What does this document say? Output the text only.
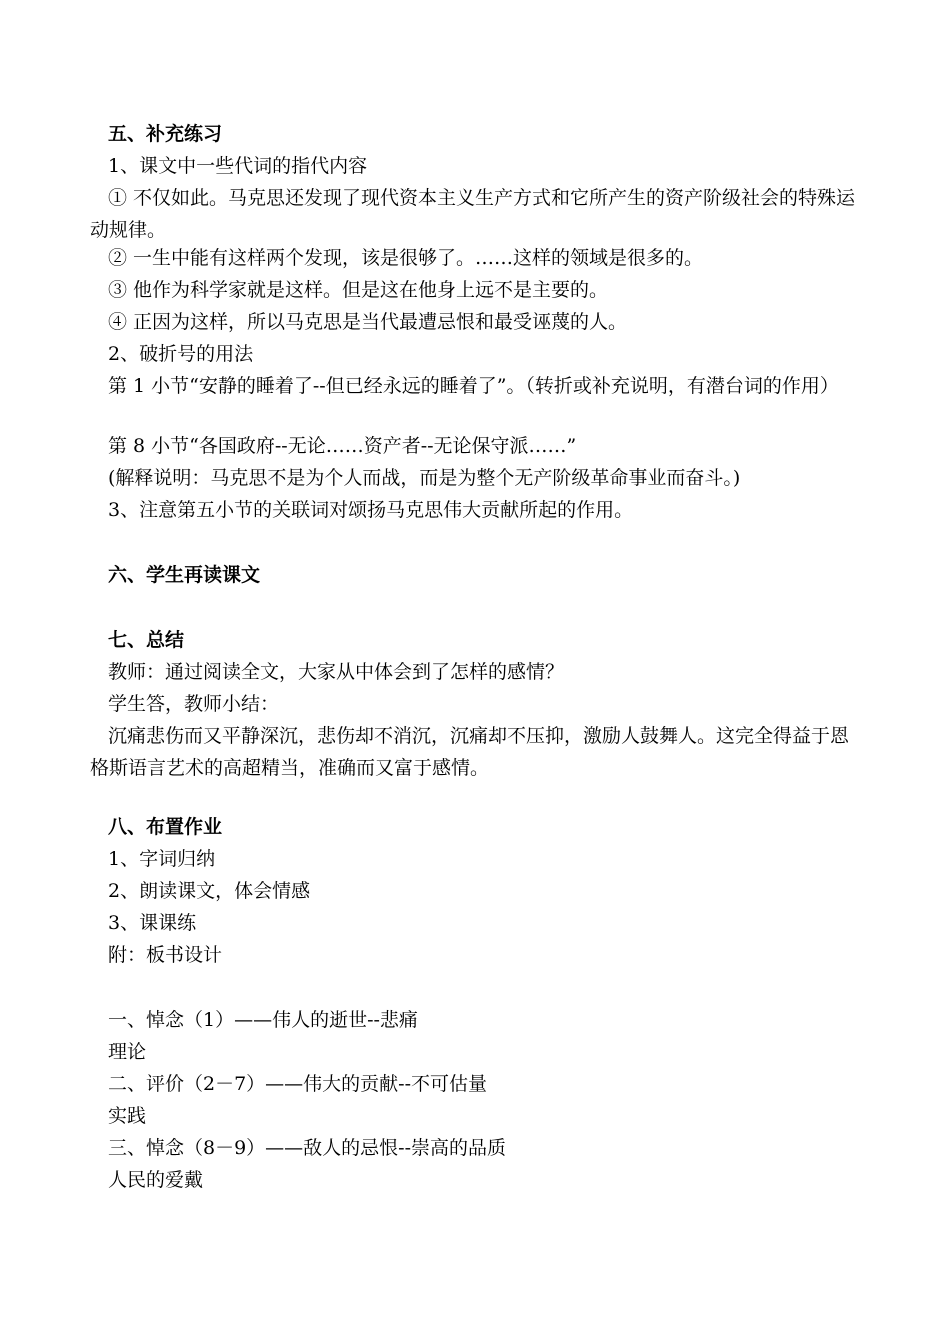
五、补充练习
1、课文中一些代词的指代内容
① 不仅如此。马克思还发现了现代资本主义生产方式和它所产生的资产阶级社会的特殊运动规律。
② 一生中能有这样两个发现，该是很够了。……这样的领域是很多的。
③ 他作为科学家就是这样。但是这在他身上远不是主要的。
④ 正因为这样，所以马克思是当代最遭忌恨和最受诬蔑的人。
2、破折号的用法
第 1 小节“安静的睡着了--但已经永远的睡着了”。（转折或补充说明，有潜台词的作用）
第 8 小节“各国政府--无论……资产者--无论保守派……”
(解释说明：马克思不是为个人而战，而是为整个无产阶级革命事业而奋斗。)
3、注意第五小节的关联词对颂扬马克思伟大贡献所起的作用。
六、学生再读课文
七、总结
教师：通过阅读全文，大家从中体会到了怎样的感情？
学生答，教师小结：
沉痛悲伤而又平静深沉，悲伤却不消沉，沉痛却不压抑，激励人鼓舞人。这完全得益于恩格斯语言艺术的高超精当，准确而又富于感情。
八、布置作业
1、字词归纳
2、朗读课文，体会情感
3、课课练
附：板书设计
一、悼念（1）——伟人的逝世--悲痛
理论
二、评价（2－7）——伟大的贡献--不可估量
实践
三、悼念（8－9）——敌人的忌恨--崇高的品质
人民的爱戴
